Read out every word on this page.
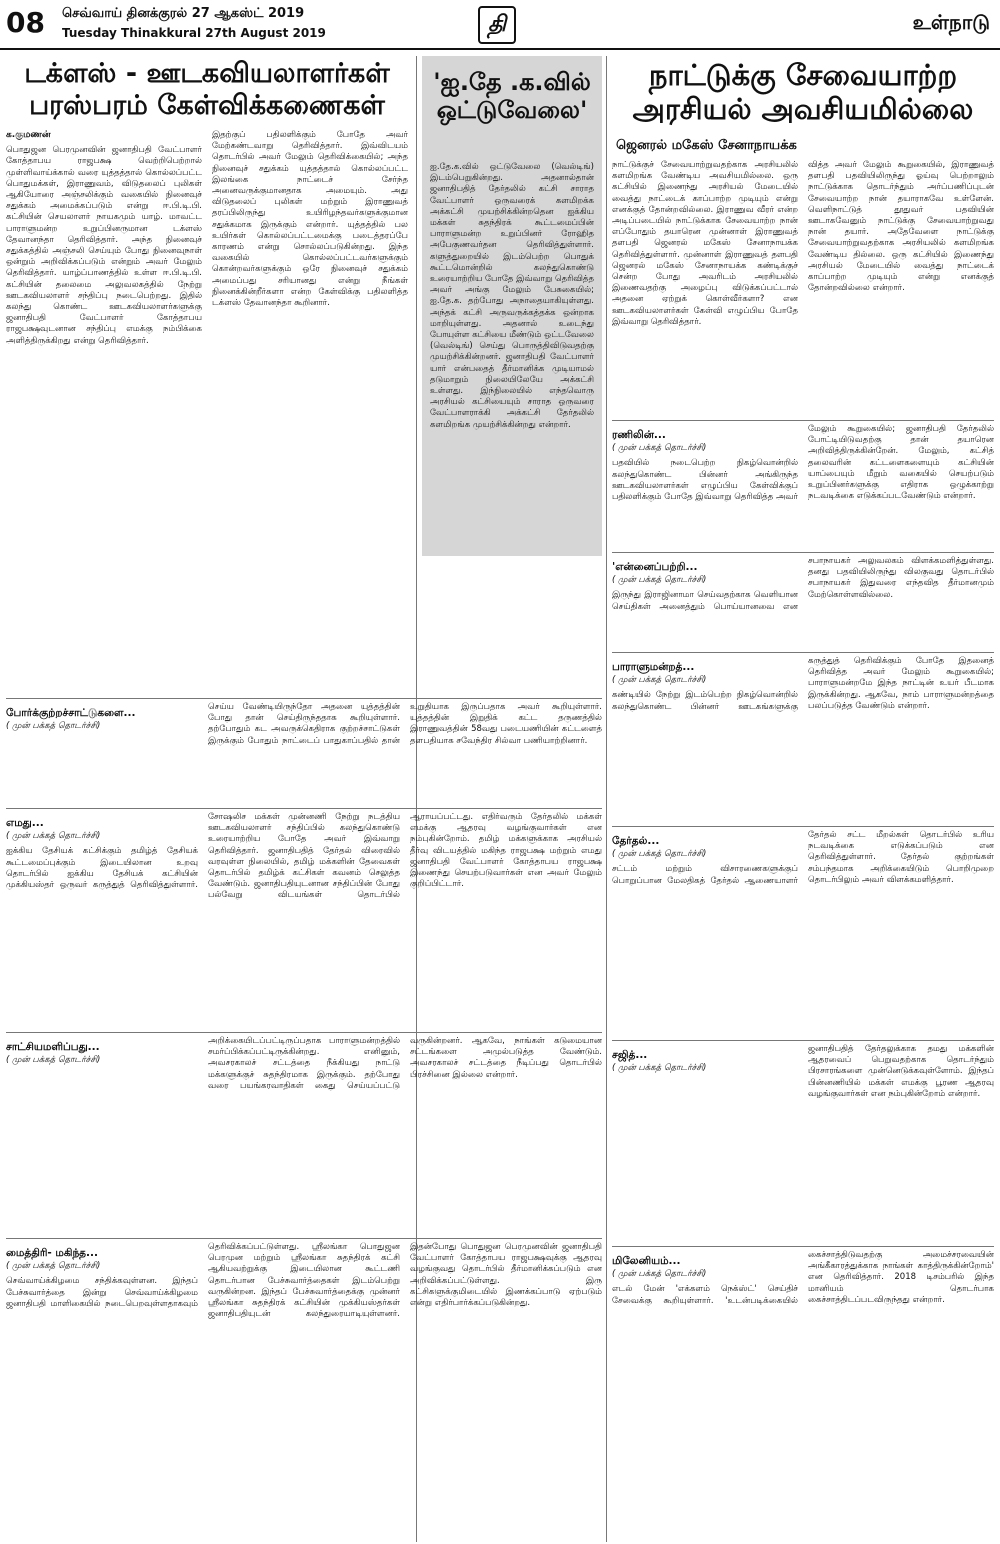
08 செவ்வாய் தினக்குரல் 27 ஆகஸ்ட் 2019
Tuesday Thinakkural 27th August 2019	தி	உள்நாடு
டக்ளஸ் - ஊடகவியலாளர்கள்
பரஸ்பரம் கேள்விக்கணைகள்
க.குமணன்
பொதுஜன பெரமுனவின் ஜனாதிபதி வேட்பாளர் கோத்தாபய ராஜபக்ஷ வெற்றிபெற்றால் முள்ளிவாய்க்கால் வரை யுத்தத்தால் கொல்லப்பட்ட பொதுமக்கள், இராணுவம், விடுதலைப் புலிகள் ஆகியோரை அஞ்சலிக்கும் வகையில் நினைவுச் சதுக்கம் அமைக்கப்படும் என்று ஈ.பி.டி.பி. கட்சியின் செயலாளர் நாயகமும் யாழ். மாவட்ட பாராளுமன்ற உறுப்பினருமான டக்ளஸ் தேவானந்தா தெரிவித்தார். அந்த நினைவுச் சதுக்கத்தில் அஞ்சலி செய்யும் போது நினைவுநாள் ஒன்றும் அறிவிக்கப்படும் என்றும் அவர் மேலும் தெரிவித்தார். யாழ்ப்பாணத்தில் உள்ள ஈ.பி.டி.பி. கட்சியின் தலைமை அலுவலகத்தில் நேற்று ஊடகவியலாளர் சந்திப்பு நடைபெற்றது. இதில் கலந்து கொண்ட ஊடகவியலாளர்களுக்கு ஜனாதிபதி வேட்பாளர் கோத்தாபய ராஜபக்ஷவுடனான சந்திப்பு எமக்கு நம்பிக்கை அளித்திருக்கிறது என்று தெரிவித்தார்.
இதற்குப் பதிலளிக்கும் போதே அவர் மேற்கண்டவாறு தெரிவித்தார். இவ்விடயம் தொடர்பில் அவர் மேலும் தெரிவிக்கையில்; அந்த நினைவுச் சதுக்கம் யுத்தத்தால் கொல்லப்பட்ட இலங்கை நாட்டைச் சேர்ந்த அனைவருக்குமானதாக அமையும். அது விடுதலைப் புலிகள் மற்றும் இராணுவத் தரப்பிலிருந்து உயிரிழந்தவர்களுக்குமான சதுக்கமாக இருக்கும் என்றார். யுத்தத்தில் பல உயிர்கள் கொல்லப்பட்டமைக்கு படைத்தரப்பே காரணம் என்று சொல்லப்படுகின்றது. இந்த வகையில் கொல்லப்பட்டவர்களுக்கும் கொன்றவர்களுக்கும் ஒரே நினைவுச் சதுக்கம் அமைப்பது சரியானது என்று நீங்கள் நினைக்கின்றீர்களா என்ற கேள்விக்கு பதிலளித்த டக்ளஸ் தேவானந்தா கூறினார்.
'ஐ.தே .க.வில்
ஒட்டுவேலை'
ஐ.தே.க.வில் ஒட்டுவேலை (வெல்டிங்) இடம்பெறுகின்றது. அதனால்தான் ஜனாதிபதித் தேர்தலில் கட்சி சாராத வேட்பாளர் ஒருவரைக் களமிறக்க அக்கட்சி முயற்சிக்கின்றதென ஐக்கிய மக்கள் சுதந்திரக் கூட்டமைப்பின் பாராளுமன்ற உறுப்பினர் ரோஹித அபேகுணவர்தன தெரிவித்துள்ளார். களுத்துறையில் இடம்பெற்ற பொதுக் கூட்டமொன்றில் கலந்துகொண்டு உரையாற்றிய போதே இவ்வாறு தெரிவித்த அவர் அங்கு மேலும் பேசுகையில்; ஐ.தே.க. தற்போது அநாதையாகியுள்ளது. அந்தக் கட்சி அருவருக்கத்தக்க ஒன்றாக மாறியுள்ளது. அதனால் உடைந்து போயுள்ள கட்சியை மீண்டும் ஒட்டவேலை (வெல்டிங்) செய்து பொருத்திவிடுவதற்கு முயற்சிக்கின்றனர். ஜனாதிபதி வேட்பாளர் யார் என்பதைத் தீர்மானிக்க முடியாமல் தடுமாறும் நிலையிலேயே அக்கட்சி உள்ளது. இந்நிலையில் எந்தவொரு அரசியல் கட்சியையும் சாராத ஒருவரை வேட்பாளராக்கி அக்கட்சி தேர்தலில் களமிறங்க முயற்சிக்கின்றது என்றார்.
நாட்டுக்கு சேவையாற்ற
அரசியல் அவசியமில்லை
ஜெனரல் மகேஸ் சேனாநாயக்க
நாட்டுக்குச் சேவையாற்றுவதற்காக அரசியலில் களமிறங்க வேண்டிய அவசியமில்லை. ஒரு கட்சியில் இணைந்து அரசியல் மேடையில் வைத்து நாட்டைக் காப்பாற்ற முடியும் என்று எனக்குத் தோன்றவில்லை. இராணுவ வீரர் என்ற அடிப்படையில் நாட்டுக்காக சேவையாற்ற நான் எப்போதும் தயாரென முன்னாள் இராணுவத் தளபதி ஜெனரல் மகேஸ் சேனாநாயக்க தெரிவித்துள்ளார். முன்னாள் இராணுவத் தளபதி ஜெனரல் மகேஸ் சேனாநாயக்க கண்டிக்குச் சென்ற போது அவரிடம் அரசியலில் இணைவதற்கு அழைப்பு விடுக்கப்பட்டால் அதனை ஏற்றுக் கொள்வீர்களா? என ஊடகவியலாளர்கள் கேள்வி எழுப்பிய போதே இவ்வாறு தெரிவித்தார்.
வித்த அவர் மேலும் கூறுகையில், இராணுவத் தளபதி பதவியிலிருந்து ஓய்வு பெற்றாலும் நாட்டுக்காக தொடர்ந்தும் அர்ப்பணிப்புடன் சேவையாற்ற நான் தயாராகவே உள்ளேன். வெளிநாட்டுத் தூதுவர் பதவியின் ஊடாகவேனும் நாட்டுக்கு சேவையாற்றுவது நான் தயார். அதேவேளை நாட்டுக்கு சேவையாற்றுவதற்காக அரசியலில் களமிறங்க வேண்டிய தில்லை. ஒரு கட்சியில் இணைந்து அரசியல் மேடையில் வைத்து நாட்டைக் காப்பாற்ற முடியும் என்று எனக்குத் தோன்றவில்லை என்றார்.
ரணிலின்...
( முன் பக்கத் தொடர்ச்சி)
பதவியில் நடைபெற்ற நிகழ்வொன்றில் கலந்துகொண்ட பின்னர் அங்கிருந்த ஊடகவியலாளர்கள் எழுப்பிய கேள்விக்குப் பதிலளிக்கும் போதே இவ்வாறு தெரிவித்த அவர் மேலும் கூறுகையில்; ஜனாதிபதி தேர்தலில் போட்டியிடுவதற்கு தான் தயாரென அறிவித்திருக்கின்றேன். மேலும், கட்சித் தலைவரின் கட்டளைகளையும் கட்சியின் யாப்பையும் மீறும் வகையில் செயற்படும் உறுப்பினர்களுக்கு எதிராக ஒழுக்காற்று நடவடிக்கை எடுக்கப்படவேண்டும் என்றார்.
'என்னைப்பற்றி...
( முன் பக்கத் தொடர்ச்சி)
இருந்து இராஜினாமா செய்வதற்காக வெளியான செய்திகள் அனைத்தும் பொய்யானவை என சபாநாயகர் அலுவலகம் விளக்கமளித்துள்ளது. தனது பதவியிலிருந்து விலகுவது தொடர்பில் சபாநாயகர் இதுவரை எந்தவித தீர்மானமும் மேற்கொள்ளவில்லை.
பாராளுமன்றத்...
( முன் பக்கத் தொடர்ச்சி)
கண்டியில் நேற்று இடம்பெற்ற நிகழ்வொன்றில் கலந்துகொண்ட பின்னர் ஊடகங்களுக்கு கருத்துத் தெரிவிக்கும் போதே இதனைத் தெரிவித்த அவர் மேலும் கூறுகையில்; பாராளுமன்றமே இந்த நாட்டின் உயர் பீடமாக இருக்கின்றது. ஆகவே, நாம் பாராளுமன்றத்தை பலப்படுத்த வேண்டும் என்றார்.
தேர்தல்...
( முன் பக்கத் தொடர்ச்சி)
சட்டம் மற்றும் விசாரணைகளுக்குப் பொறுப்பான மேலதிகத் தேர்தல் ஆணையாளர் தேர்தல் சட்ட மீறல்கள் தொடர்பில் உரிய நடவடிக்கை எடுக்கப்படும் என தெரிவித்துள்ளார். தேர்தல் குற்றங்கள் சம்பந்தமாக அறிக்கையிடும் பொறிமுறை தொடர்பிலும் அவர் விளக்கமளித்தார்.
சஜித்...
( முன் பக்கத் தொடர்ச்சி)
ஜனாதிபதித் தேர்தலுக்காக தமது மக்களின் ஆதரவைப் பெறுவதற்காக தொடர்ந்தும் பிரசாரங்களை முன்னெடுக்கவுள்ளோம். இந்தப் பின்னணியில் மக்கள் எமக்கு பூரண ஆதரவு வழங்குவார்கள் என நம்புகின்றோம் என்றார்.
மிலேனியம்...
( முன் பக்கத் தொடர்ச்சி)
எடல் மேன் 'எக்களம் நெக்ஸ்ட்' செய்திச் சேவைக்கு கூறியுள்ளார். 'உடன்படிக்கையில் கைச்சாத்திடுவதற்கு அமைச்சரவையின் அங்கீகாரத்துக்காக நாங்கள் காத்திருக்கின்றோம்' என தெரிவித்தார். 2018 டிசம்பரில் இந்த மானியம் தொடர்பாக கைச்சாத்திடப்படவிருந்தது என்றார்.
போர்க்குற்றச்சாட்டுகளை...
( முன் பக்கத் தொடர்ச்சி)
செய்ய வேண்டியிருந்தோ அதனை யுத்தத்தின் போது தான் செய்திருந்ததாக கூறியுள்ளார். தற்போதும் கட அவருக்கெதிராக குற்றச்சாட்டுகள் இருக்கும் போதும் நாட்டைப் பாதுகாப்பதில் தான் உறுதியாக இருப்பதாக அவர் கூறியுள்ளார். யுத்தத்தின் இறுதிக் கட்ட தருணத்தில் இராணுவத்தின் 58வது படையணியின் கட்டளைத் தளபதியாக சவேந்திர சில்வா பணியாற்றினார்.
எமது...
( முன் பக்கத் தொடர்ச்சி)
ஐக்கிய தேசியக் கட்சிக்கும் தமிழ்த் தேசியக் கூட்டமைப்புக்கும் இடையிலான உறவு தொடர்பில் ஐக்கிய தேசியக் கட்சியின் முக்கியஸ்தர் ஒருவர் கருத்துத் தெரிவித்துள்ளார். சோஷலிச மக்கள் முன்னணி நேற்று நடத்திய ஊடகவியலாளர் சந்திப்பில் கலந்துகொண்டு உரையாற்றிய போதே அவர் இவ்வாறு தெரிவித்தார். ஜனாதிபதித் தேர்தல் விரைவில் வரவுள்ள நிலையில், தமிழ் மக்களின் தேவைகள் தொடர்பில் தமிழ்க் கட்சிகள் கவனம் செலுத்த வேண்டும். ஜனாதிபதியுடனான சந்திப்பின் போது பல்வேறு விடயங்கள் தொடர்பில் ஆராயப்பட்டது. எதிர்வரும் தேர்தலில் மக்கள் எமக்கு ஆதரவு வழங்குவார்கள் என நம்புகின்றோம். தமிழ் மக்களுக்காக அரசியல் தீர்வு விடயத்தில் மகிந்த ராஜபக்ஷ மற்றும் எமது ஜனாதிபதி வேட்பாளர் கோத்தாபய ராஜபக்ஷ இணைந்து செயற்படுவார்கள் என அவர் மேலும் குறிப்பிட்டார்.
சாட்சியமளிப்பது...
( முன் பக்கத் தொடர்ச்சி)
அறிக்கையிடப்பட்டிருப்பதாக பாராளுமன்றத்தில் சமர்ப்பிக்கப்பட்டிருக்கின்றது. எனினும், அவசரகாலச் சட்டத்தை நீக்கியது நாட்டு மக்களுக்குச் சுதந்திரமாக இருக்கும். தற்போது வரை பயங்கரவாதிகள் கைது செய்யப்பட்டு வருகின்றனர். ஆகவே, நாங்கள் கடுமையான சட்டங்களை அமுல்படுத்த வேண்டும். அவசரகாலச் சட்டத்தை நீடிப்பது தொடர்பில் பிரச்சினை இல்லை என்றார்.
மைத்திரி- மகிந்த...
( முன் பக்கத் தொடர்ச்சி)
செவ்வாய்க்கிழமை சந்திக்கவுள்ளன. இந்தப் பேச்சுவார்த்தை இன்று செவ்வாய்க்கிழமை ஜனாதிபதி மாளிகையில் நடைபெறவுள்ளதாகவும் தெரிவிக்கப்பட்டுள்ளது. ஸ்ரீலங்கா பொதுஜன பெரமுன மற்றும் ஸ்ரீலங்கா சுதந்திரக் கட்சி ஆகியவற்றுக்கு இடையிலான கூட்டணி தொடர்பான பேச்சுவார்த்தைகள் இடம்பெற்று வருகின்றன. இந்தப் பேச்சுவார்த்தைக்கு முன்னர் ஸ்ரீலங்கா சுதந்திரக் கட்சியின் முக்கியஸ்தர்கள் ஜனாதிபதியுடன் கலந்துரையாடியுள்ளனர். இதன்போது பொதுஜன பெரமுனவின் ஜனாதிபதி வேட்பாளர் கோத்தாபய ராஜபக்ஷவுக்கு ஆதரவு வழங்குவது தொடர்பில் தீர்மானிக்கப்படும் என அறிவிக்கப்பட்டுள்ளது. இரு கட்சிகளுக்குமிடையில் இணக்கப்பாடு ஏற்படும் என்று எதிர்பார்க்கப்படுகின்றது.
